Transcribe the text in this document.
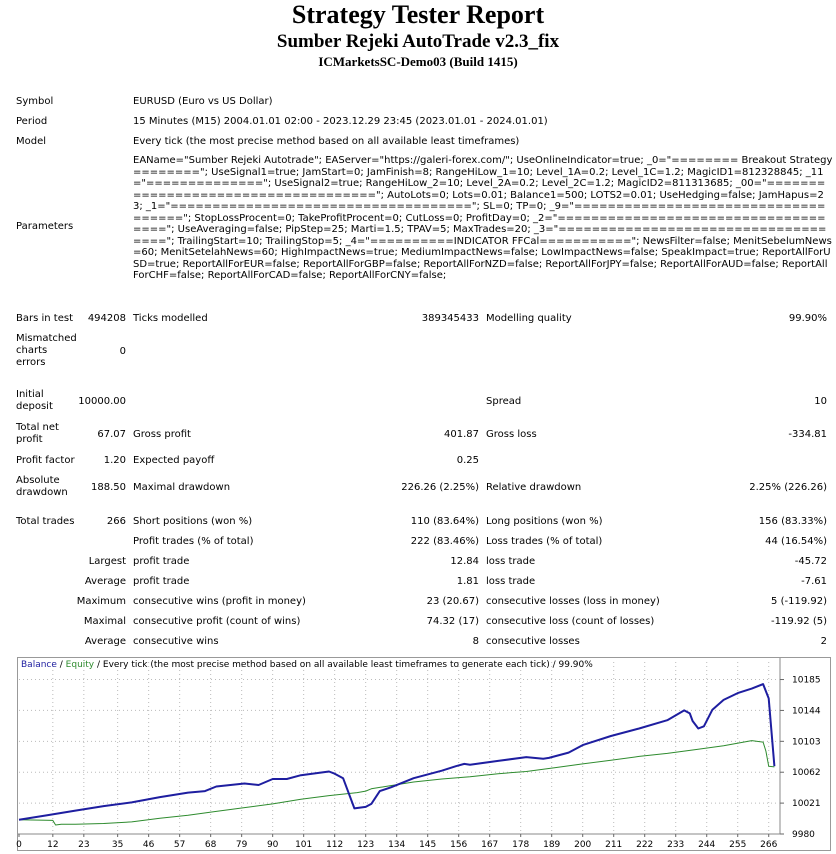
Strategy Tester Report
Sumber Rejeki AutoTrade v2.3_fix
ICMarketsSC-Demo03 (Build 1415)
Symbol	EURUSD (Euro vs US Dollar)
Period	15 Minutes (M15) 2004.01.01 02:00 - 2023.12.29 23:45 (2023.01.01 - 2024.01.01)
Model	Every tick (the most precise method based on all available least timeframes)
Parameters
EAName="Sumber Rejeki Autotrade"; EAServer="https://galeri-forex.com/"; UseOnlineIndicator=true; _0="======== Breakout Strategy ========"; UseSignal1=true; JamStart=0; JamFinish=8; RangeHiLow_1=10; Level_1A=0.2; Level_1C=1.2; MagicID1=812328845; _11="=============="; UseSignal2=true; RangeHiLow_2=10; Level_2A=0.2; Level_2C=1.2; MagicID2=811313685; _00="===================================="; AutoLots=0; Lots=0.01; Balance1=500; LOTS2=0.01; UseHedging=false; JamHapus=23; _1="===================================="; SL=0; TP=0; _9="===================================="; StopLossProcent=0; TakeProfitProcent=0; CutLoss=0; ProfitDay=0; _2="===================================="; UseAveraging=false; PipStep=25; Marti=1.5; TPAV=5; MaxTrades=20; _3="===================================="; TrailingStart=10; TrailingStop=5; _4="==========INDICATOR FFCal==========="; NewsFilter=false; MenitSebelumNews=60; MenitSetelahNews=60; HighImpactNews=true; MediumImpactNews=false; LowImpactNews=false; SpeakImpact=true; ReportAllForUSD=true; ReportAllForEUR=false; ReportAllForGBP=false; ReportAllForNZD=false; ReportAllForJPY=false; ReportAllForAUD=false; ReportAllForCHF=false; ReportAllForCAD=false; ReportAllForCNY=false;
Bars in test	494208 Ticks modelled	389345433 Modelling quality	99.90%
Mismatched charts errors
0
Initial deposit	10000.00	Spread	10
Total net profit	67.07 Gross profit	401.87 Gross loss	-334.81
Profit factor	1.20 Expected payoff	0.25
Absolute drawdown	188.50 Maximal drawdown	226.26 (2.25%) Relative drawdown	2.25% (226.26)
Total trades	266 Short positions (won %)	110 (83.64%) Long positions (won %)	156 (83.33%)
Profit trades (% of total)	222 (83.46%) Loss trades (% of total)	44 (16.54%)
Largest profit trade	12.84 loss trade	-45.72
Average profit trade	1.81 loss trade	-7.61
Maximum consecutive wins (profit in money)	23 (20.67) consecutive losses (loss in money)	5 (-119.92)
Maximal consecutive profit (count of wins)	74.32 (17) consecutive loss (count of losses)	-119.92 (5)
Average consecutive wins	8 consecutive losses	2
Balance / Equity / Every tick (the most precise method based on all available least timeframes to generate each tick) / 99.90%
10185
10144
10103
10062
10021
9980
0	12 23 35 46 57 68 79 90 101 112 123 134 145 156 167 178 189 200 211 222 233 244 255 266
